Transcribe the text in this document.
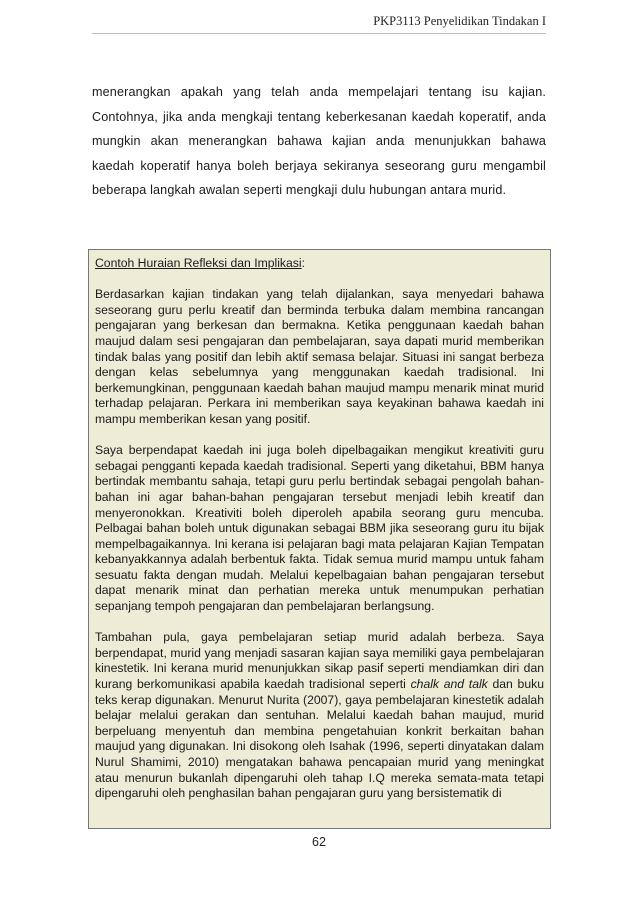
PKP3113 Penyelidikan Tindakan I

menerangkan apakah yang telah anda mempelajari tentang isu kajian. Contohnya, jika anda mengkaji tentang keberkesanan kaedah koperatif, anda mungkin akan menerangkan bahawa kajian anda menunjukkan bahawa kaedah koperatif hanya boleh berjaya sekiranya seseorang guru mengambil beberapa langkah awalan seperti mengkaji dulu hubungan antara murid.

Contoh Huraian Refleksi dan Implikasi:

Berdasarkan kajian tindakan yang telah dijalankan, saya menyedari bahawa seseorang guru perlu kreatif dan berminda terbuka dalam membina rancangan pengajaran yang berkesan dan bermakna. Ketika penggunaan kaedah bahan maujud dalam sesi pengajaran dan pembelajaran, saya dapati murid memberikan tindak balas yang positif dan lebih aktif semasa belajar. Situasi ini sangat berbeza dengan kelas sebelumnya yang menggunakan kaedah tradisional. Ini berkemungkinan, penggunaan kaedah bahan maujud mampu menarik minat murid terhadap pelajaran. Perkara ini memberikan saya keyakinan bahawa kaedah ini mampu memberikan kesan yang positif.

Saya berpendapat kaedah ini juga boleh dipelbagaikan mengikut kreativiti guru sebagai pengganti kepada kaedah tradisional. Seperti yang diketahui, BBM hanya bertindak membantu sahaja, tetapi guru perlu bertindak sebagai pengolah bahan-bahan ini agar bahan-bahan pengajaran tersebut menjadi lebih kreatif dan menyeronokkan. Kreativiti boleh diperoleh apabila seorang guru mencuba. Pelbagai bahan boleh untuk digunakan sebagai BBM jika seseorang guru itu bijak mempelbagaikannya. Ini kerana isi pelajaran bagi mata pelajaran Kajian Tempatan kebanyakkannya adalah berbentuk fakta. Tidak semua murid mampu untuk faham sesuatu fakta dengan mudah. Melalui kepelbagaian bahan pengajaran tersebut dapat menarik minat dan perhatian mereka untuk menumpukan perhatian sepanjang tempoh pengajaran dan pembelajaran berlangsung.

Tambahan pula, gaya pembelajaran setiap murid adalah berbeza. Saya berpendapat, murid yang menjadi sasaran kajian saya memiliki gaya pembelajaran kinestetik. Ini kerana murid menunjukkan sikap pasif seperti mendiamkan diri dan kurang berkomunikasi apabila kaedah tradisional seperti chalk and talk dan buku teks kerap digunakan. Menurut Nurita (2007), gaya pembelajaran kinestetik adalah belajar melalui gerakan dan sentuhan. Melalui kaedah bahan maujud, murid berpeluang menyentuh dan membina pengetahuian konkrit berkaitan bahan maujud yang digunakan. Ini disokong oleh Isahak (1996, seperti dinyatakan dalam Nurul Shamimi, 2010) mengatakan bahawa pencapaian murid yang meningkat atau menurun bukanlah dipengaruhi oleh tahap I.Q mereka semata-mata tetapi dipengaruhi oleh penghasilan bahan pengajaran guru yang bersistematik di

62
